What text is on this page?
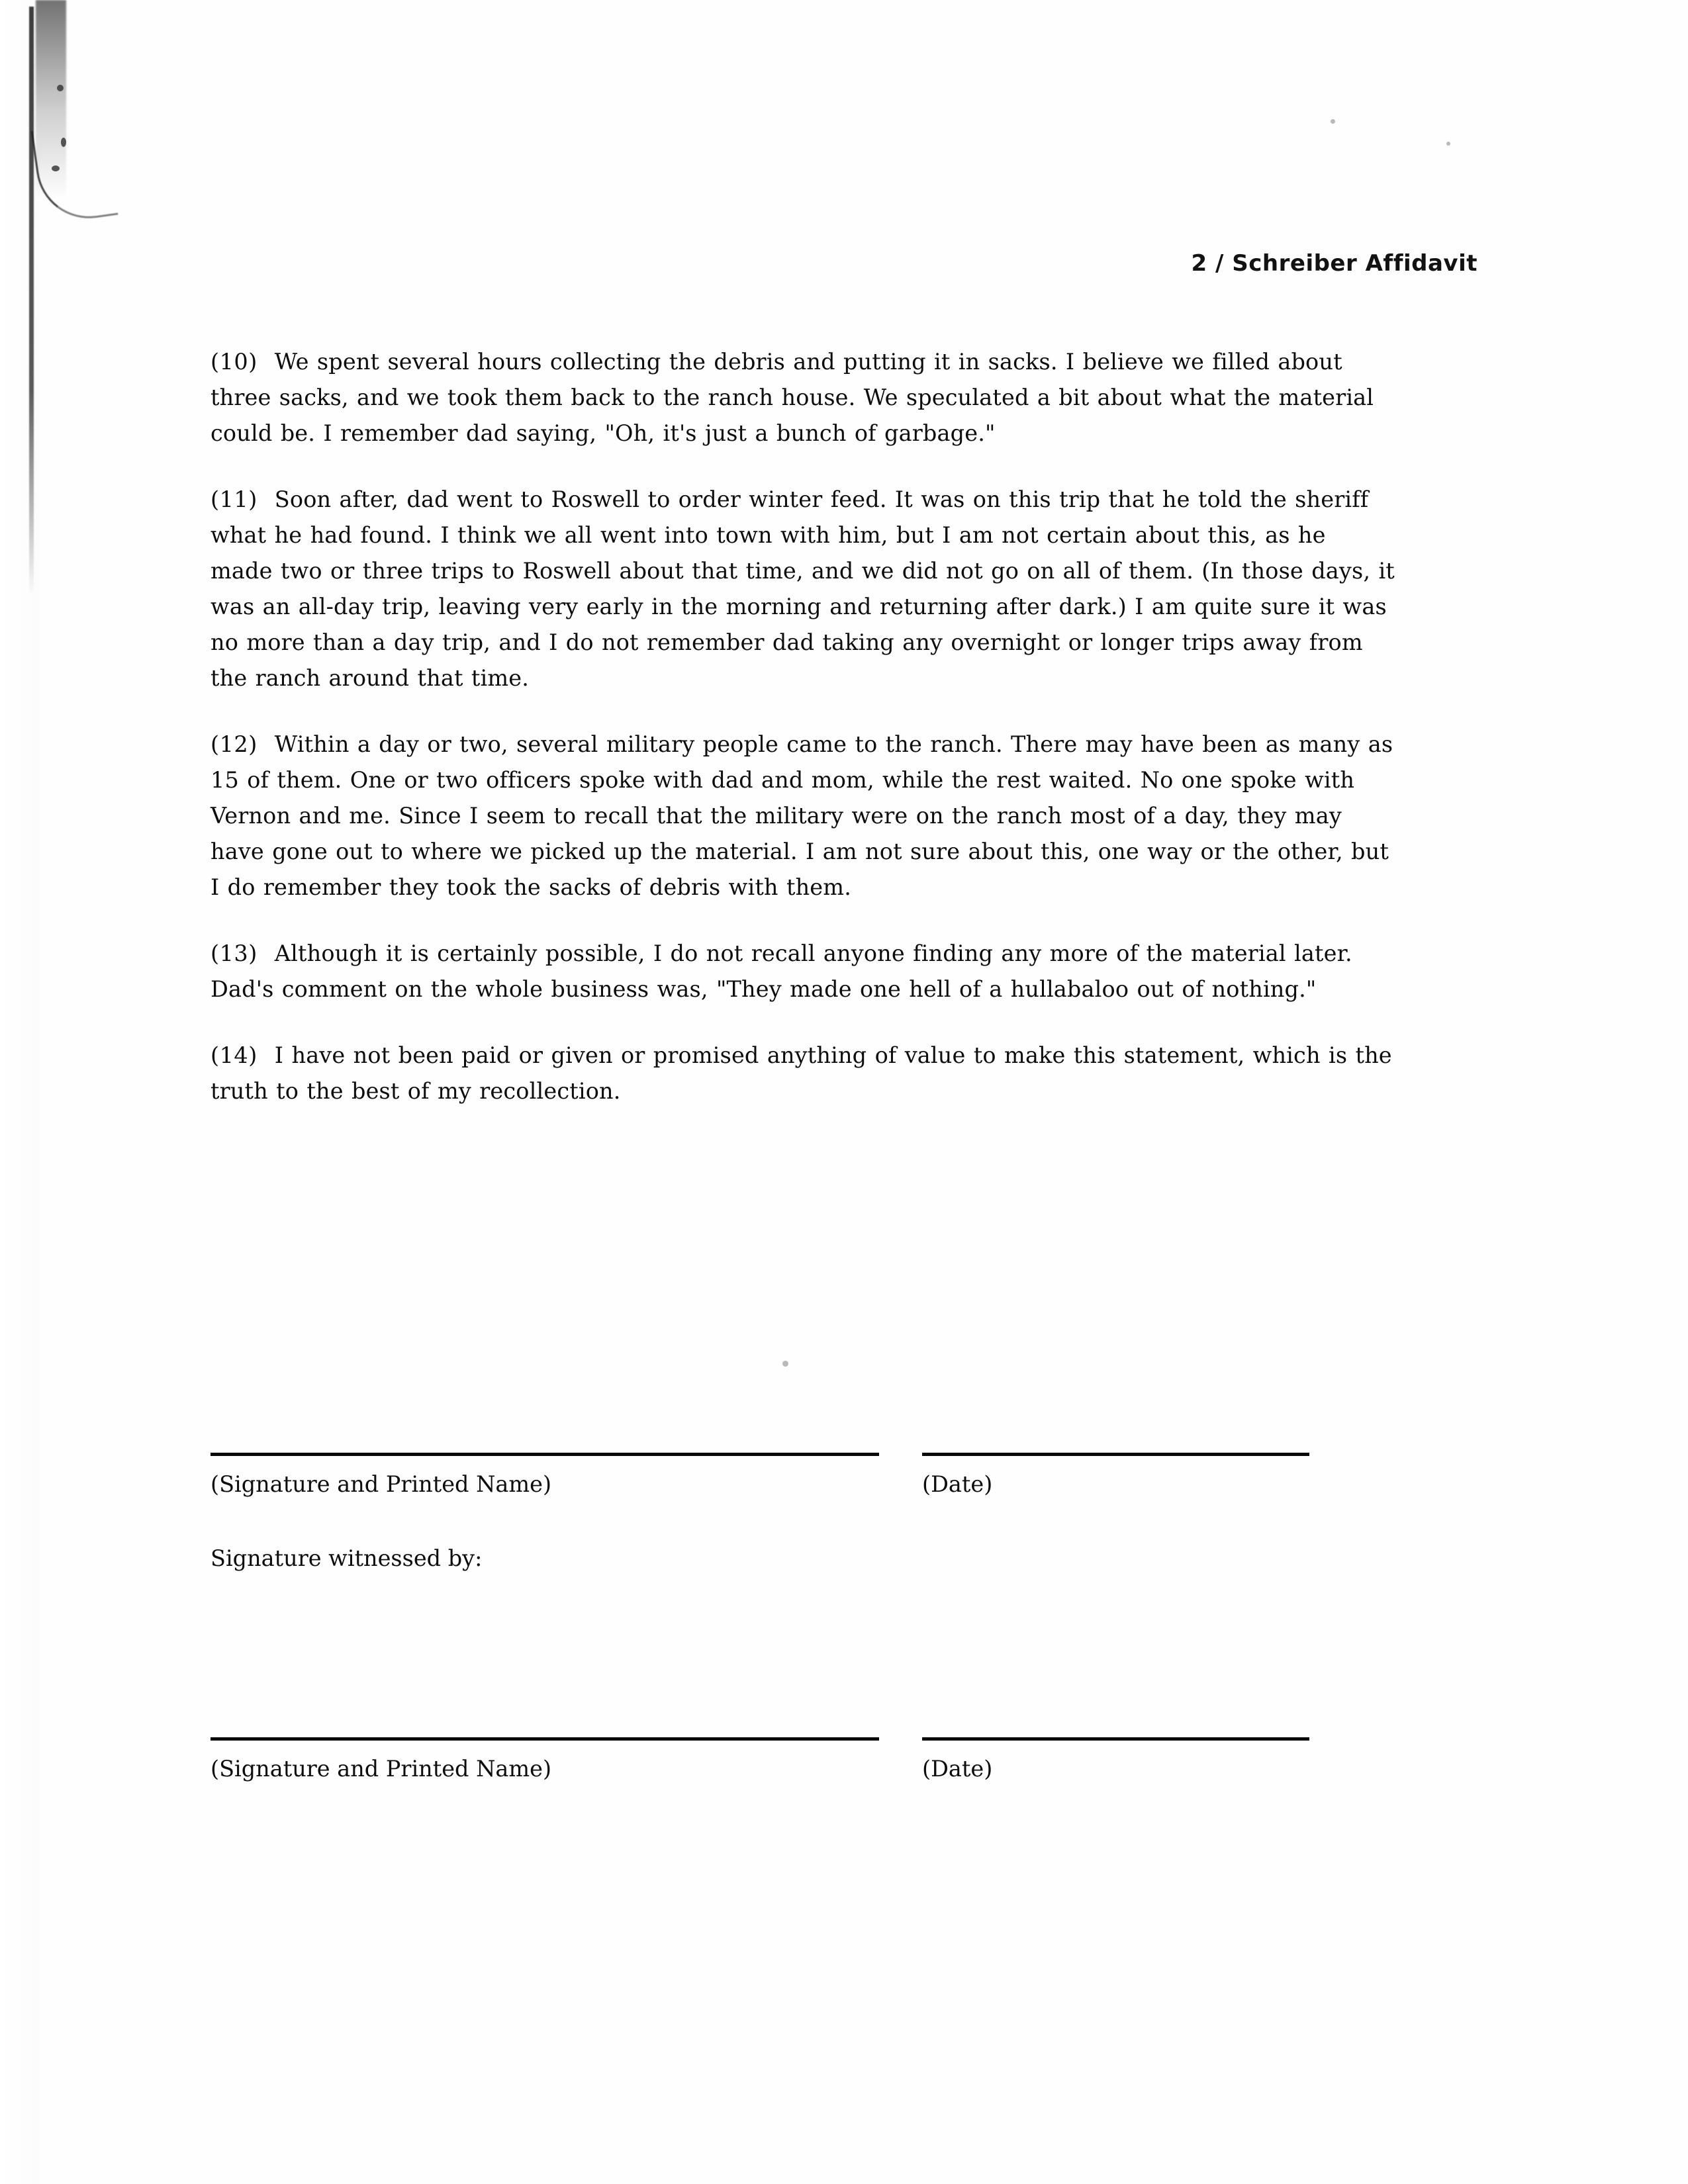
2 / Schreiber Affidavit

(10) We spent several hours collecting the debris and putting it in sacks. I believe we filled about three sacks, and we took them back to the ranch house. We speculated a bit about what the material could be. I remember dad saying, "Oh, it's just a bunch of garbage."

(11) Soon after, dad went to Roswell to order winter feed. It was on this trip that he told the sheriff what he had found. I think we all went into town with him, but I am not certain about this, as he made two or three trips to Roswell about that time, and we did not go on all of them. (In those days, it was an all-day trip, leaving very early in the morning and returning after dark.) I am quite sure it was no more than a day trip, and I do not remember dad taking any overnight or longer trips away from the ranch around that time.

(12) Within a day or two, several military people came to the ranch. There may have been as many as 15 of them. One or two officers spoke with dad and mom, while the rest waited. No one spoke with Vernon and me. Since I seem to recall that the military were on the ranch most of a day, they may have gone out to where we picked up the material. I am not sure about this, one way or the other, but I do remember they took the sacks of debris with them.

(13) Although it is certainly possible, I do not recall anyone finding any more of the material later. Dad's comment on the whole business was, "They made one hell of a hullabaloo out of nothing."

(14) I have not been paid or given or promised anything of value to make this statement, which is the truth to the best of my recollection.

(Signature and Printed Name)	(Date)
Signature witnessed by:
(Signature and Printed Name)	(Date)
